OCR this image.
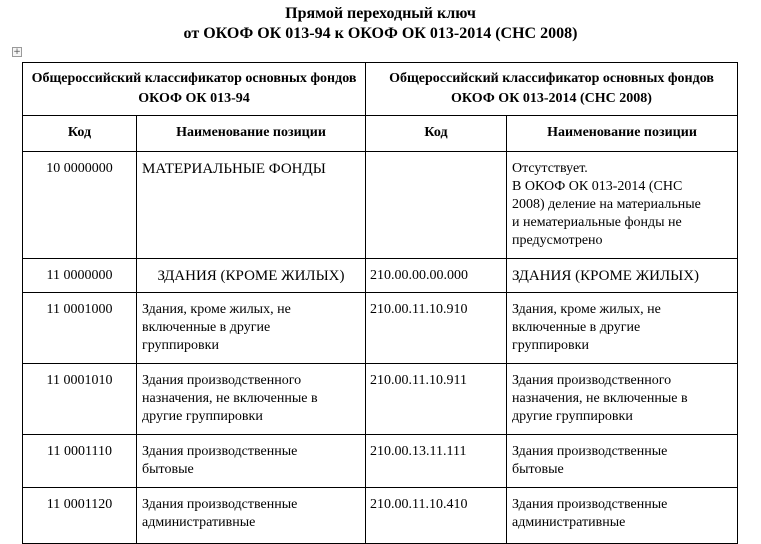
Прямой переходный ключ
от ОКОФ ОК 013-94 к ОКОФ ОК 013-2014 (СНС 2008)
+
Общероссийский классификатор основных фондов ОКОФ ОК 013-94		Общероссийский классификатор основных фондов ОКОФ ОК 013-2014 (СНС 2008)	
Код	Наименование позиции	Код	Наименование позиции
10 0000000	МАТЕРИАЛЬНЫЕ ФОНДЫ		Отсутствует.
В ОКОФ ОК 013-2014 (СНС
2008) деление на материальные
и нематериальные фонды не
предусмотрено

11 0000000	ЗДАНИЯ (КРОМЕ ЖИЛЫХ)	210.00.00.00.000	ЗДАНИЯ (КРОМЕ ЖИЛЫХ)

11 0001000	Здания, кроме жилых, не
включенные в другие
группировки	210.00.11.10.910	Здания, кроме жилых, не
включенные в другие
группировки

11 0001010	Здания производственного
назначения, не включенные в
другие группировки	210.00.11.10.911	Здания производственного
назначения, не включенные в
другие группировки

11 0001110	Здания производственные
бытовые	210.00.13.11.111	Здания производственные
бытовые

11 0001120	Здания производственные
административные	210.00.11.10.410	Здания производственные
административные
